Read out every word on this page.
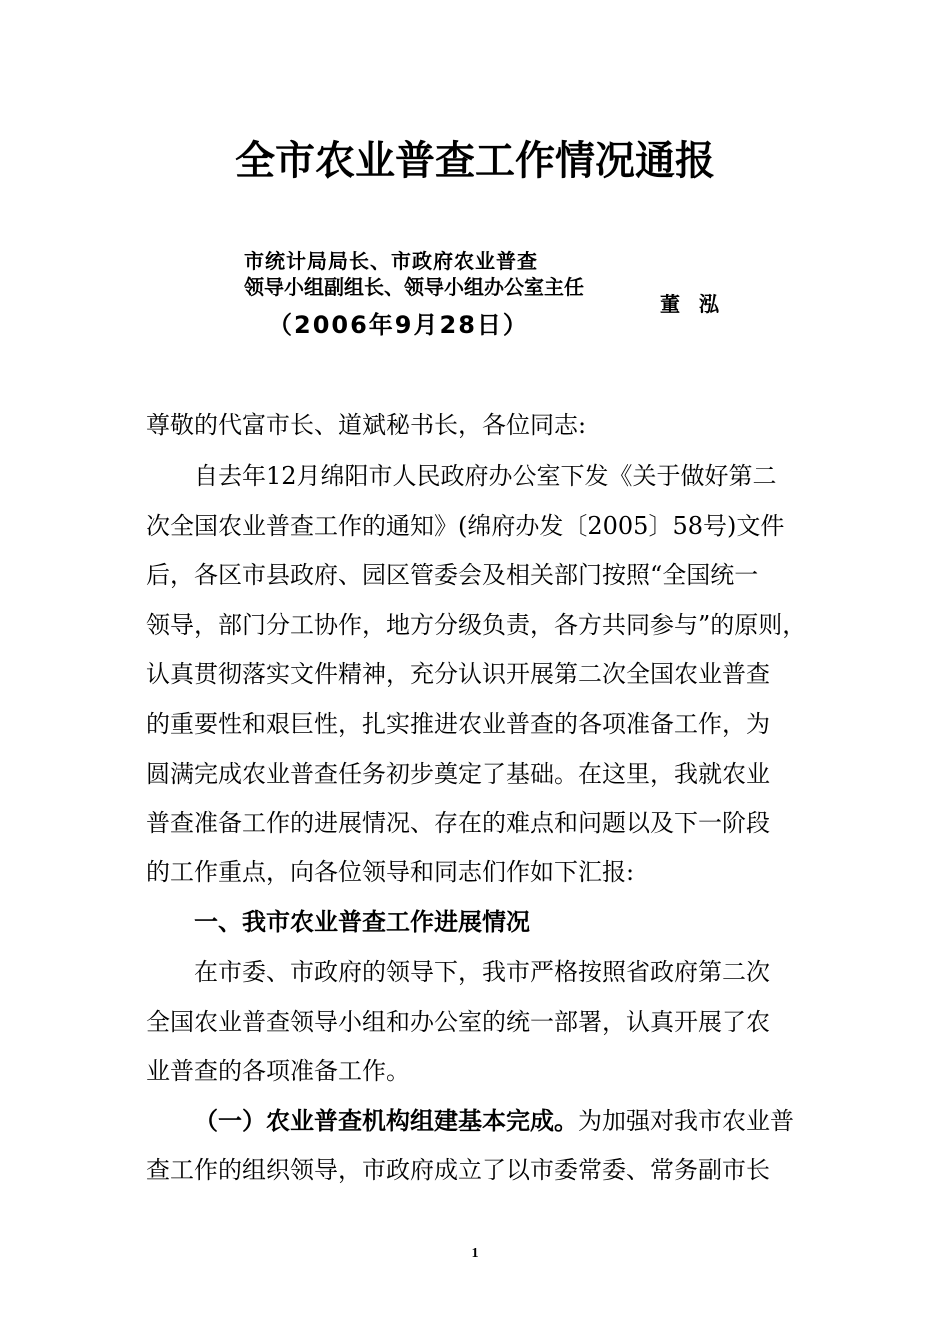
全市农业普查工作情况通报
市统计局局长、市政府农业普查
领导小组副组长、领导小组办公室主任
董 泓
（2006年9月28日）
尊敬的代富市长、道斌秘书长，各位同志:
自去年12月绵阳市人民政府办公室下发《关于做好第二
次全国农业普查工作的通知》(绵府办发〔2005〕58号)文件
后，各区市县政府、园区管委会及相关部门按照“全国统一
领导，部门分工协作，地方分级负责，各方共同参与”的原则，
认真贯彻落实文件精神，充分认识开展第二次全国农业普查
的重要性和艰巨性，扎实推进农业普查的各项准备工作，为
圆满完成农业普查任务初步奠定了基础。在这里，我就农业
普查准备工作的进展情况、存在的难点和问题以及下一阶段
的工作重点，向各位领导和同志们作如下汇报:
一、我市农业普查工作进展情况
在市委、市政府的领导下，我市严格按照省政府第二次
全国农业普查领导小组和办公室的统一部署，认真开展了农
业普查的各项准备工作。
（一）农业普查机构组建基本完成。为加强对我市农业普
查工作的组织领导，市政府成立了以市委常委、常务副市长
1
